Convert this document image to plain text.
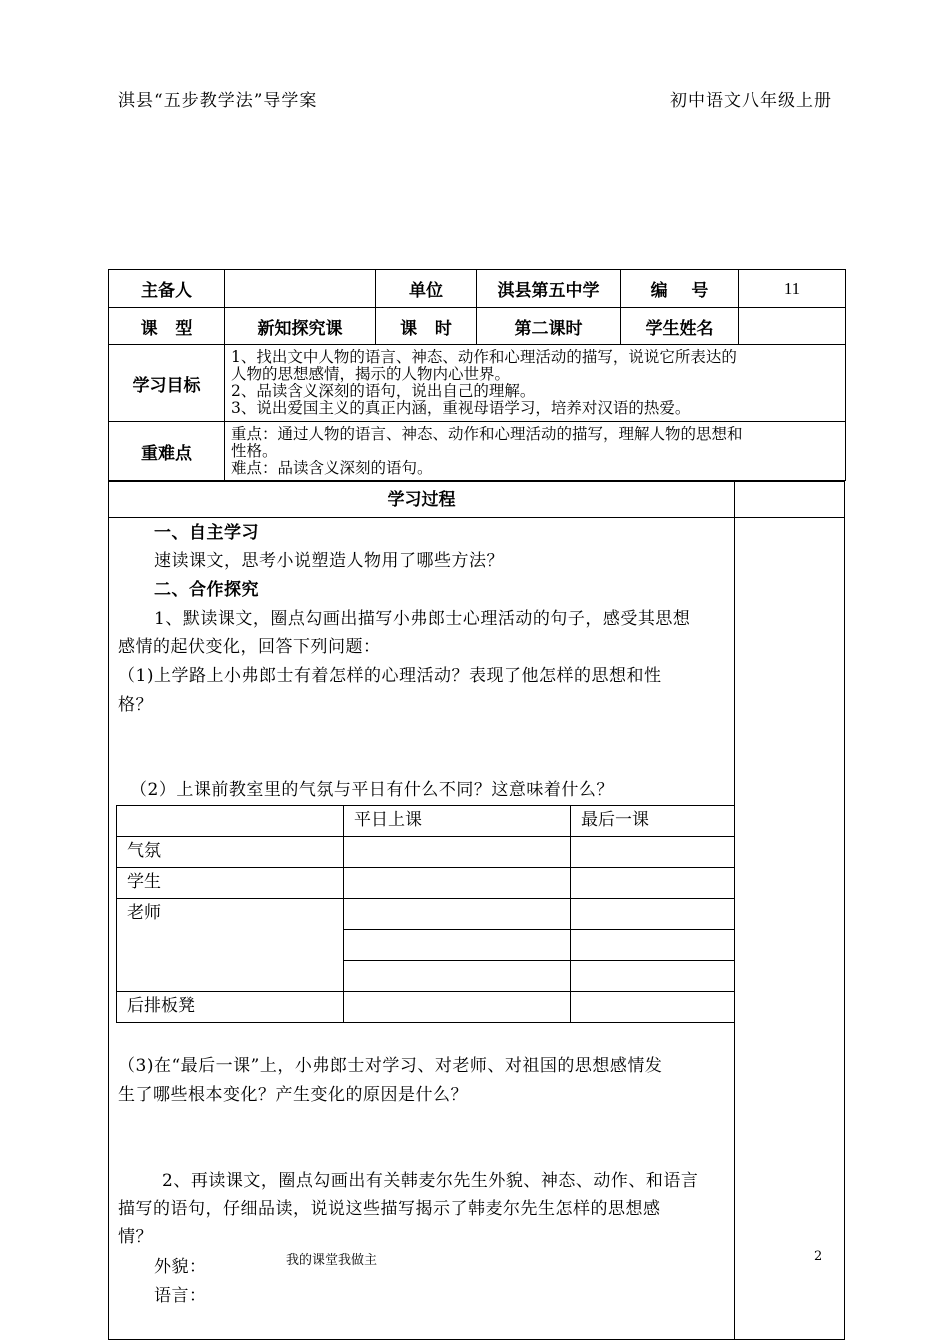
淇县“五步教学法”导学案	初中语文八年级上册
主备人		单位	淇县第五中学	编    号	11
课   型	新知探究课	课   时	第二课时	学生姓名	
学习目标	1、找出文中人物的语言、神态、动作和心理活动的描写，说说它所表达的
人物的思想感情，揭示的人物内心世界。
2、品读含义深刻的语句，说出自己的理解。
3、说出爱国主义的真正内涵，重视母语学习，培养对汉语的热爱。				

重难点	重点：通过人物的语言、神态、动作和心理活动的描写，理解人物的思想和
性格。
难点：品读含义深刻的语句。				
学习过程
一、自主学习
速读课文，思考小说塑造人物用了哪些方法？
二、合作探究
1、默读课文，圈点勾画出描写小弗郎士心理活动的句子，感受其思想
感情的起伏变化，回答下列问题：
（1)上学路上小弗郎士有着怎样的心理活动？表现了他怎样的思想和性
格？
（2）上课前教室里的气氛与平日有什么不同？这意味着什么？
	平日上课	最后一课
气氛		
学生		
老师		

后排板凳		
（3)在“最后一课”上，小弗郎士对学习、对老师、对祖国的思想感情发
生了哪些根本变化？产生变化的原因是什么？
2、再读课文，圈点勾画出有关韩麦尔先生外貌、神态、动作、和语言
描写的语句，仔细品读，说说这些描写揭示了韩麦尔先生怎样的思想感
情？
外貌：
语言：
我的课堂我做主	2
